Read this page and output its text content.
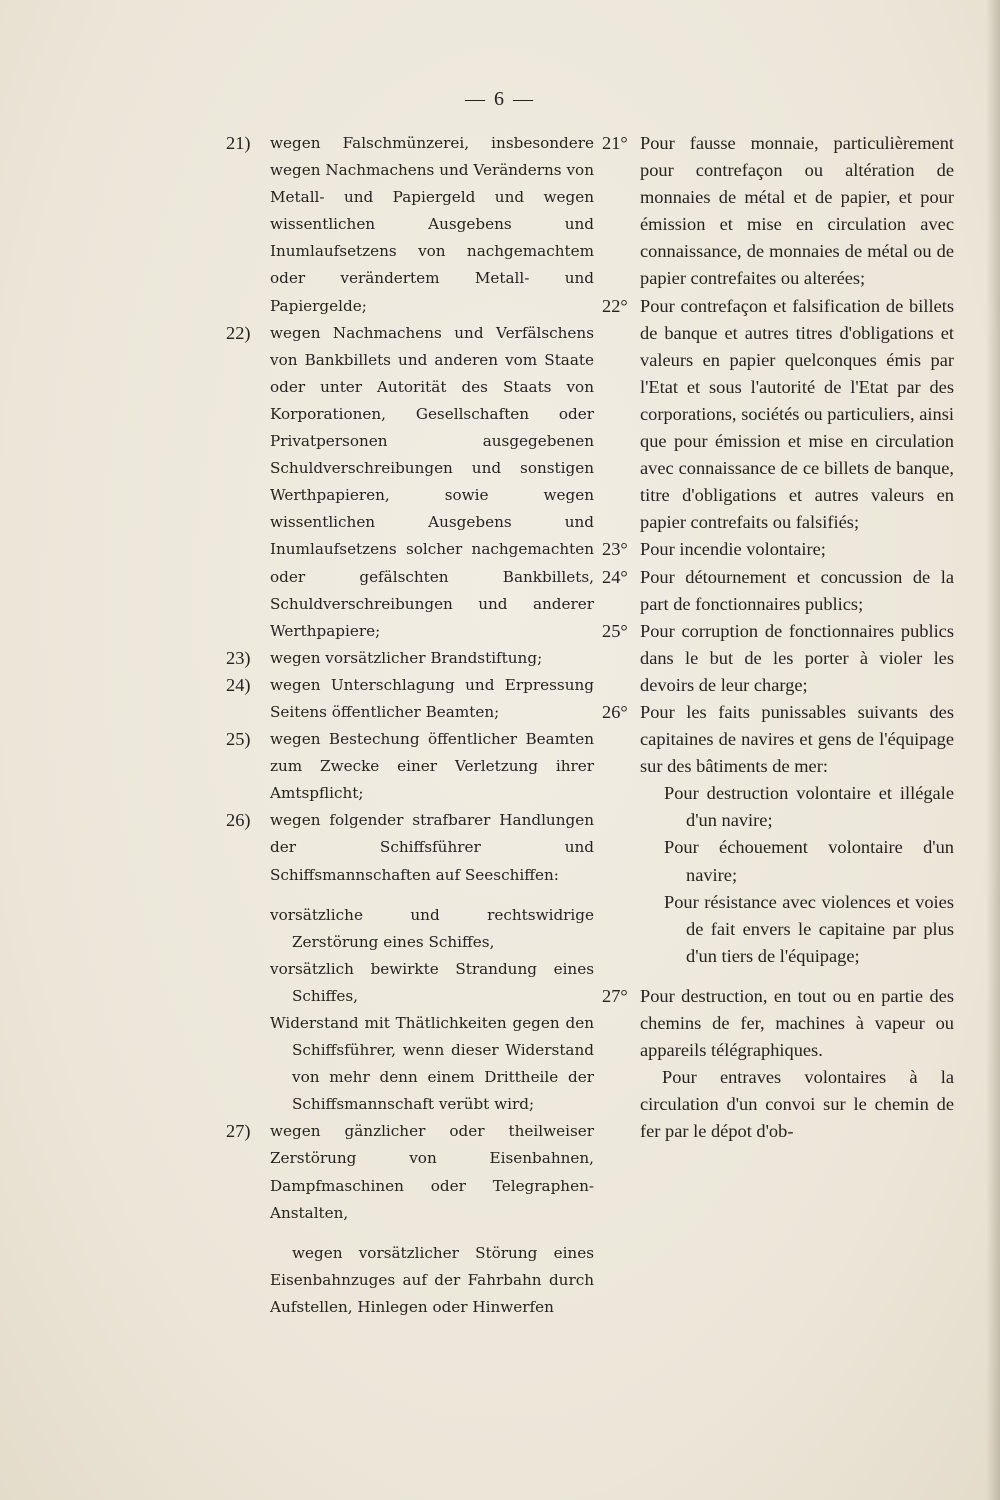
— 6 —
21) wegen Falschmünzerei, insbesondere wegen Nachmachens und Veränderns von Metall- und Papiergeld und wegen wissentlichen Ausgebens und Inumlaufsetzens von nachgemachtem oder verändertem Metall- und Papiergelde;
22) wegen Nachmachens und Verfälschens von Bankbillets und anderen vom Staate oder unter Autorität des Staats von Korporationen, Gesellschaften oder Privatpersonen ausgegebenen Schuldverschreibungen und sonstigen Werthpapieren, sowie wegen wissentlichen Ausgebens und Inumlaufsetzens solcher nachgemachten oder gefälschten Bankbillets, Schuldverschreibungen und anderer Werthpapiere;
23) wegen vorsätzlicher Brandstiftung;
24) wegen Unterschlagung und Erpressung Seitens öffentlicher Beamten;
25) wegen Bestechung öffentlicher Beamten zum Zwecke einer Verletzung ihrer Amtspflicht;
26) wegen folgender strafbarer Handlungen der Schiffsführer und Schiffsmannschaften auf Seeschiffen:
vorsätzliche und rechtswidrige Zerstörung eines Schiffes,
vorsätzlich bewirkte Strandung eines Schiffes,
Widerstand mit Thätlichkeiten gegen den Schiffsführer, wenn dieser Widerstand von mehr denn einem Drittheile der Schiffsmannschaft verübt wird;
27) wegen gänzlicher oder theilweiser Zerstörung von Eisenbahnen, Dampfmaschinen oder Telegraphen-Anstalten,
wegen vorsätzlicher Störung eines Eisenbahnzuges auf der Fahrbahn durch Aufstellen, Hinlegen oder Hinwerfen
21° Pour fausse monnaie, particulièrement pour contrefaçon ou altération de monnaies de métal et de papier, et pour émission et mise en circulation avec connaissance, de monnaies de métal ou de papier contrefaites ou alterées;
22° Pour contrefaçon et falsification de billets de banque et autres titres d'obligations et valeurs en papier quelconques émis par l'Etat et sous l'autorité de l'Etat par des corporations, sociétés ou particuliers, ainsi que pour émission et mise en circulation avec connaissance de ce billets de banque, titre d'obligations et autres valeurs en papier contrefaits ou falsifiés;
23° Pour incendie volontaire;
24° Pour détournement et concussion de la part de fonctionnaires publics;
25° Pour corruption de fonctionnaires publics dans le but de les porter à violer les devoirs de leur charge;
26° Pour les faits punissables suivants des capitaines de navires et gens de l'équipage sur des bâtiments de mer:
Pour destruction volontaire et illégale d'un navire;
Pour échouement volontaire d'un navire;
Pour résistance avec violences et voies de fait envers le capitaine par plus d'un tiers de l'équipage;
27° Pour destruction, en tout ou en partie des chemins de fer, machines à vapeur ou appareils télégraphiques.
Pour entraves volontaires à la circulation d'un convoi sur le chemin de fer par le dépot d'ob-
